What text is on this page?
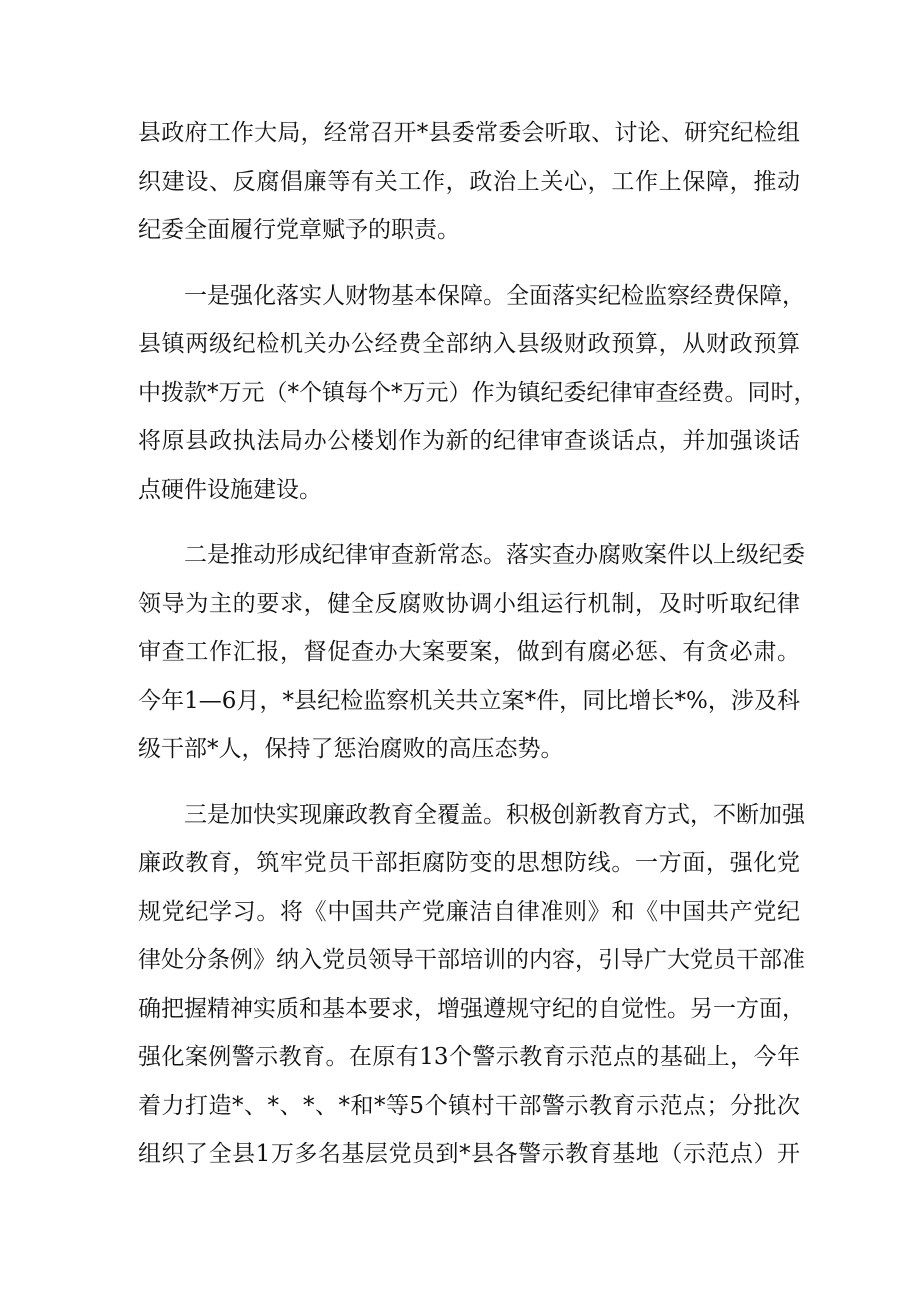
县政府工作大局，经常召开*县委常委会听取、讨论、研究纪检组
织建设、反腐倡廉等有关工作，政治上关心，工作上保障，推动
纪委全面履行党章赋予的职责。
一是强化落实人财物基本保障。全面落实纪检监察经费保障，
县镇两级纪检机关办公经费全部纳入县级财政预算，从财政预算
中拨款*万元（*个镇每个*万元）作为镇纪委纪律审查经费。同时，
将原县政执法局办公楼划作为新的纪律审查谈话点，并加强谈话
点硬件设施建设。
二是推动形成纪律审查新常态。落实查办腐败案件以上级纪委
领导为主的要求，健全反腐败协调小组运行机制，及时听取纪律
审查工作汇报，督促查办大案要案，做到有腐必惩、有贪必肃。
今年1—6月，*县纪检监察机关共立案*件，同比增长*%，涉及科
级干部*人，保持了惩治腐败的高压态势。
三是加快实现廉政教育全覆盖。积极创新教育方式，不断加强
廉政教育，筑牢党员干部拒腐防变的思想防线。一方面，强化党
规党纪学习。将《中国共产党廉洁自律准则》和《中国共产党纪
律处分条例》纳入党员领导干部培训的内容，引导广大党员干部准
确把握精神实质和基本要求，增强遵规守纪的自觉性。另一方面，
强化案例警示教育。在原有13个警示教育示范点的基础上，今年
着力打造*、*、*、*和*等5个镇村干部警示教育示范点；分批次
组织了全县1万多名基层党员到*县各警示教育基地（示范点）开
